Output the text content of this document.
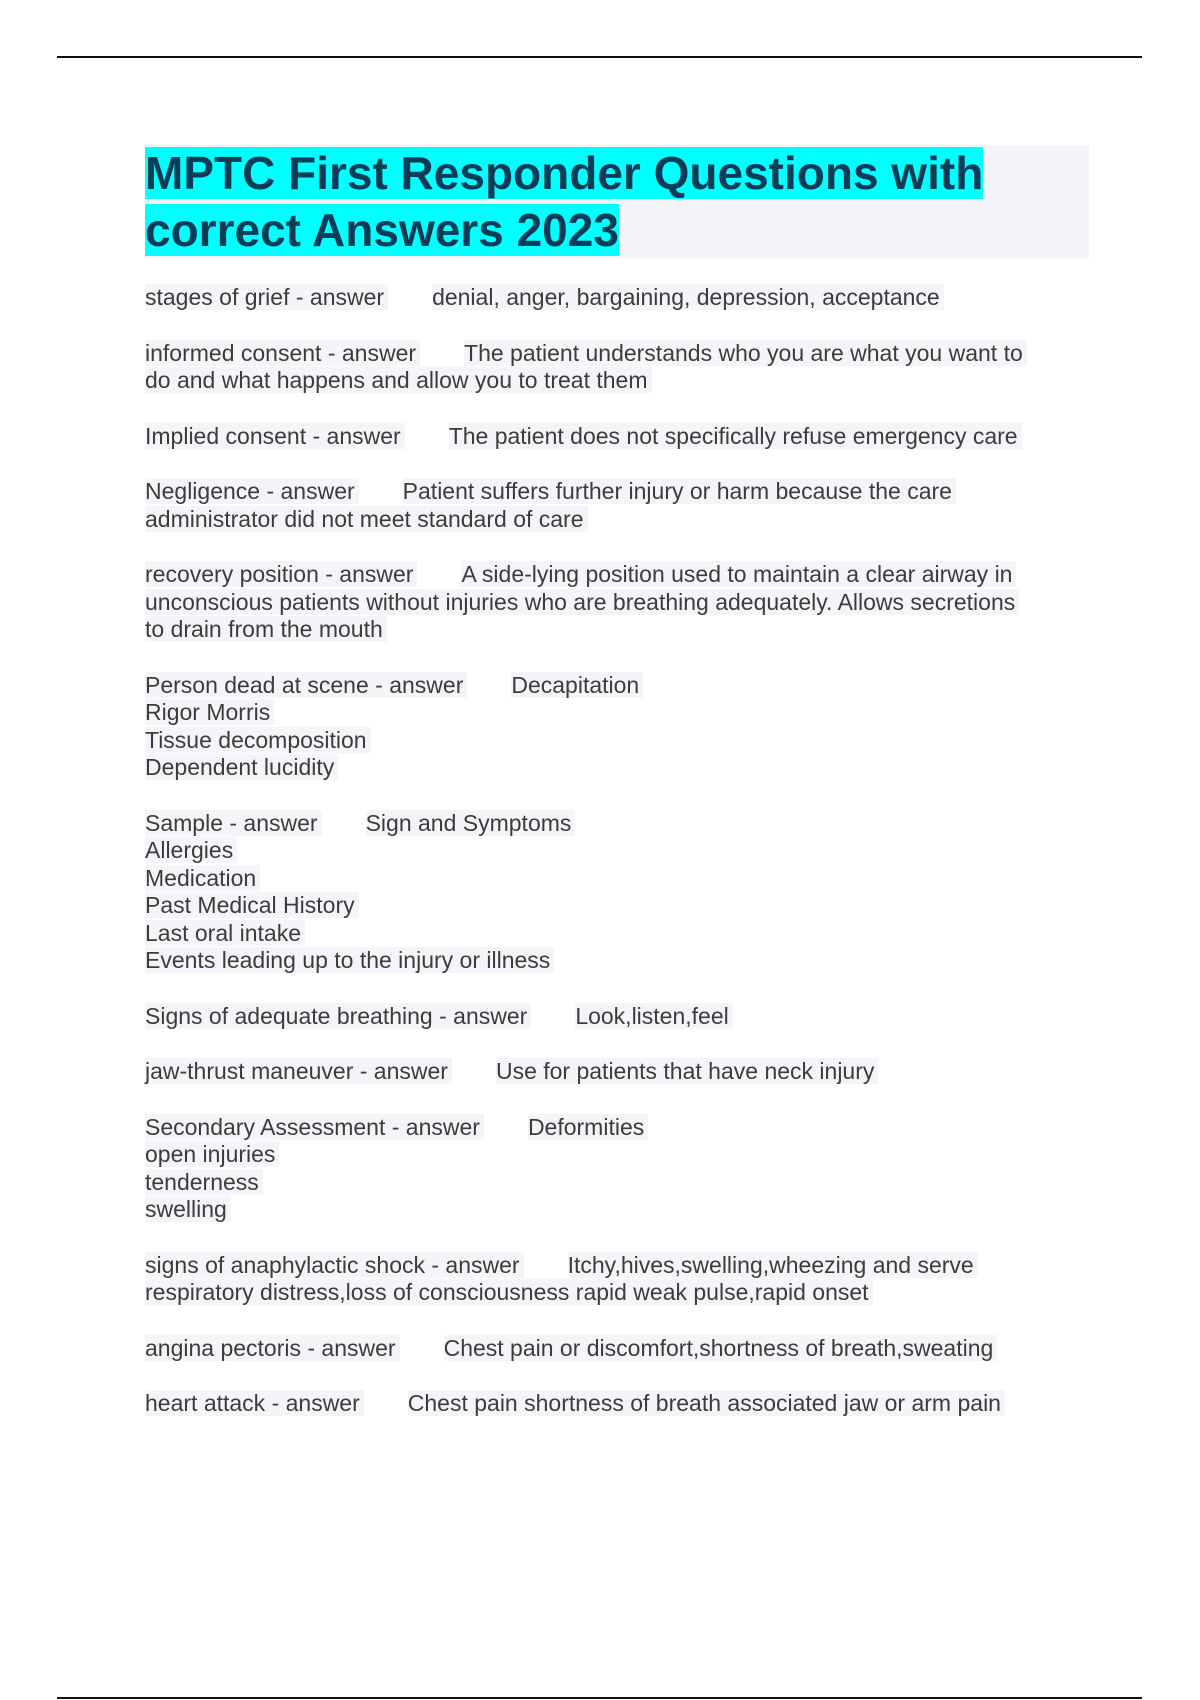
MPTC First Responder Questions with
correct Answers 2023
stages of grief - answer denial, anger, bargaining, depression, acceptance
informed consent - answer The patient understands who you are what you want to
do and what happens and allow you to treat them
Implied consent - answer The patient does not specifically refuse emergency care
Negligence - answer Patient suffers further injury or harm because the care
administrator did not meet standard of care
recovery position - answer A side-lying position used to maintain a clear airway in
unconscious patients without injuries who are breathing adequately. Allows secretions
to drain from the mouth
Person dead at scene - answer Decapitation
Rigor Morris
Tissue decomposition
Dependent lucidity
Sample - answer Sign and Symptoms
Allergies
Medication
Past Medical History
Last oral intake
Events leading up to the injury or illness
Signs of adequate breathing - answer Look,listen,feel
jaw-thrust maneuver - answer Use for patients that have neck injury
Secondary Assessment - answer Deformities
open injuries
tenderness
swelling
signs of anaphylactic shock - answer Itchy,hives,swelling,wheezing and serve
respiratory distress,loss of consciousness rapid weak pulse,rapid onset
angina pectoris - answer Chest pain or discomfort,shortness of breath,sweating
heart attack - answer Chest pain shortness of breath associated jaw or arm pain
